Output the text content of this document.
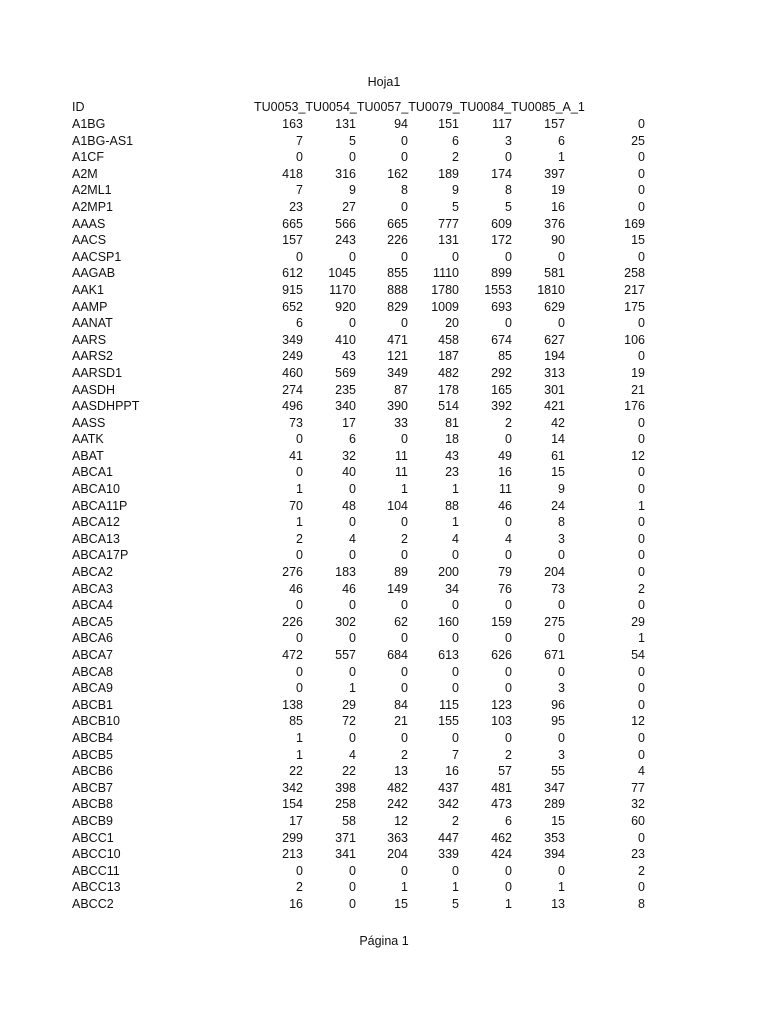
Hoja1
ID	TU0053_TU0054_TU0057_TU0079_TU0084_TU0085_A_1
A1BG	163	131	94	151	117	157	0
A1BG-AS1	7	5	0	6	3	6	25
A1CF	0	0	0	2	0	1	0
A2M	418	316	162	189	174	397	0
A2ML1	7	9	8	9	8	19	0
A2MP1	23	27	0	5	5	16	0
AAAS	665	566	665	777	609	376	169
AACS	157	243	226	131	172	90	15
AACSP1	0	0	0	0	0	0	0
AAGAB	612	1045	855	1110	899	581	258
AAK1	915	1170	888	1780	1553	1810	217
AAMP	652	920	829	1009	693	629	175
AANAT	6	0	0	20	0	0	0
AARS	349	410	471	458	674	627	106
AARS2	249	43	121	187	85	194	0
AARSD1	460	569	349	482	292	313	19
AASDH	274	235	87	178	165	301	21
AASDHPPT	496	340	390	514	392	421	176
AASS	73	17	33	81	2	42	0
AATK	0	6	0	18	0	14	0
ABAT	41	32	11	43	49	61	12
ABCA1	0	40	11	23	16	15	0
ABCA10	1	0	1	1	11	9	0
ABCA11P	70	48	104	88	46	24	1
ABCA12	1	0	0	1	0	8	0
ABCA13	2	4	2	4	4	3	0
ABCA17P	0	0	0	0	0	0	0
ABCA2	276	183	89	200	79	204	0
ABCA3	46	46	149	34	76	73	2
ABCA4	0	0	0	0	0	0	0
ABCA5	226	302	62	160	159	275	29
ABCA6	0	0	0	0	0	0	1
ABCA7	472	557	684	613	626	671	54
ABCA8	0	0	0	0	0	0	0
ABCA9	0	1	0	0	0	3	0
ABCB1	138	29	84	115	123	96	0
ABCB10	85	72	21	155	103	95	12
ABCB4	1	0	0	0	0	0	0
ABCB5	1	4	2	7	2	3	0
ABCB6	22	22	13	16	57	55	4
ABCB7	342	398	482	437	481	347	77
ABCB8	154	258	242	342	473	289	32
ABCB9	17	58	12	2	6	15	60
ABCC1	299	371	363	447	462	353	0
ABCC10	213	341	204	339	424	394	23
ABCC11	0	0	0	0	0	0	2
ABCC13	2	0	1	1	0	1	0
ABCC2	16	0	15	5	1	13	8
Página 1
